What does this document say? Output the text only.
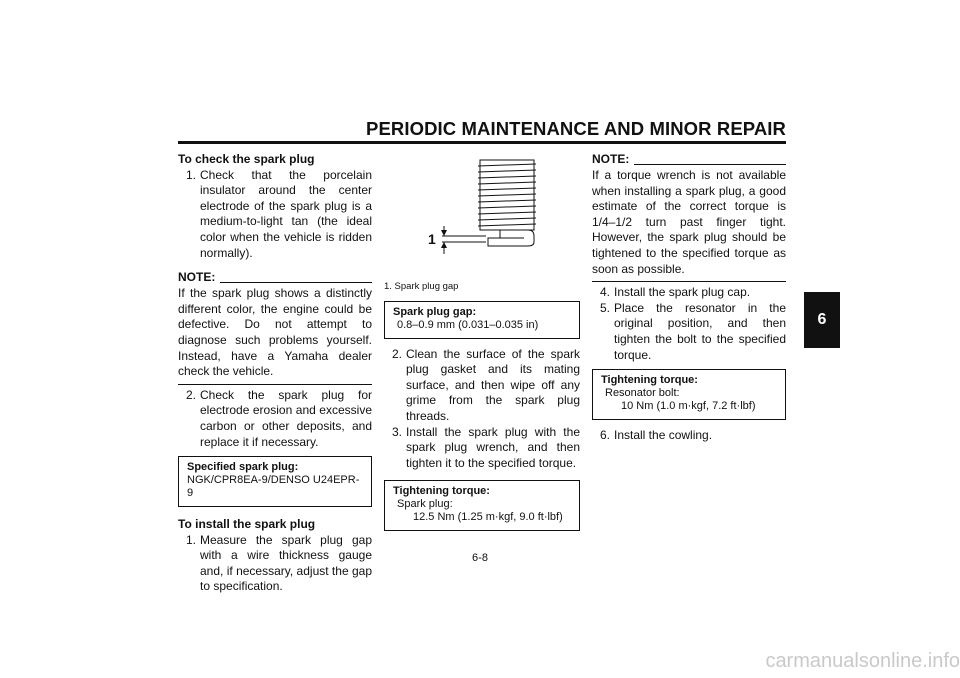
PERIODIC MAINTENANCE AND MINOR REPAIR

To check the spark plug

1. Check that the porcelain insulator around the center electrode of the spark plug is a medium-to-light tan (the ideal color when the vehicle is ridden normally).
NOTE:

If the spark plug shows a distinctly different color, the engine could be defective. Do not attempt to diagnose such problems yourself. Instead, have a Yamaha dealer check the vehicle.

2. Check the spark plug for electrode erosion and excessive carbon or other deposits, and replace it if necessary.
Specified spark plug:
NGK/CPR8EA-9/DENSO U24EPR-9

To install the spark plug

1. Measure the spark plug gap with a wire thickness gauge and, if necessary, adjust the gap to specification.
1

1. Spark plug gap

Spark plug gap:
0.8–0.9 mm (0.031–0.035 in)
2. Clean the surface of the spark plug gasket and its mating surface, and then wipe off any grime from the spark plug threads.
3. Install the spark plug with the spark plug wrench, and then tighten it to the specified torque.
Tightening torque:
Spark plug:
12.5 Nm (1.25 m·kgf, 9.0 ft·lbf)
NOTE:

If a torque wrench is not available when installing a spark plug, a good estimate of the correct torque is 1/4–1/2 turn past finger tight. However, the spark plug should be tightened to the specified torque as soon as possible.

4. Install the spark plug cap.
5. Place the resonator in the original position, and then tighten the bolt to the specified torque.
Tightening torque:
Resonator bolt:
10 Nm (1.0 m·kgf, 7.2 ft·lbf)
6. Install the cowling.
6
6-8
carmanualsonline.info
